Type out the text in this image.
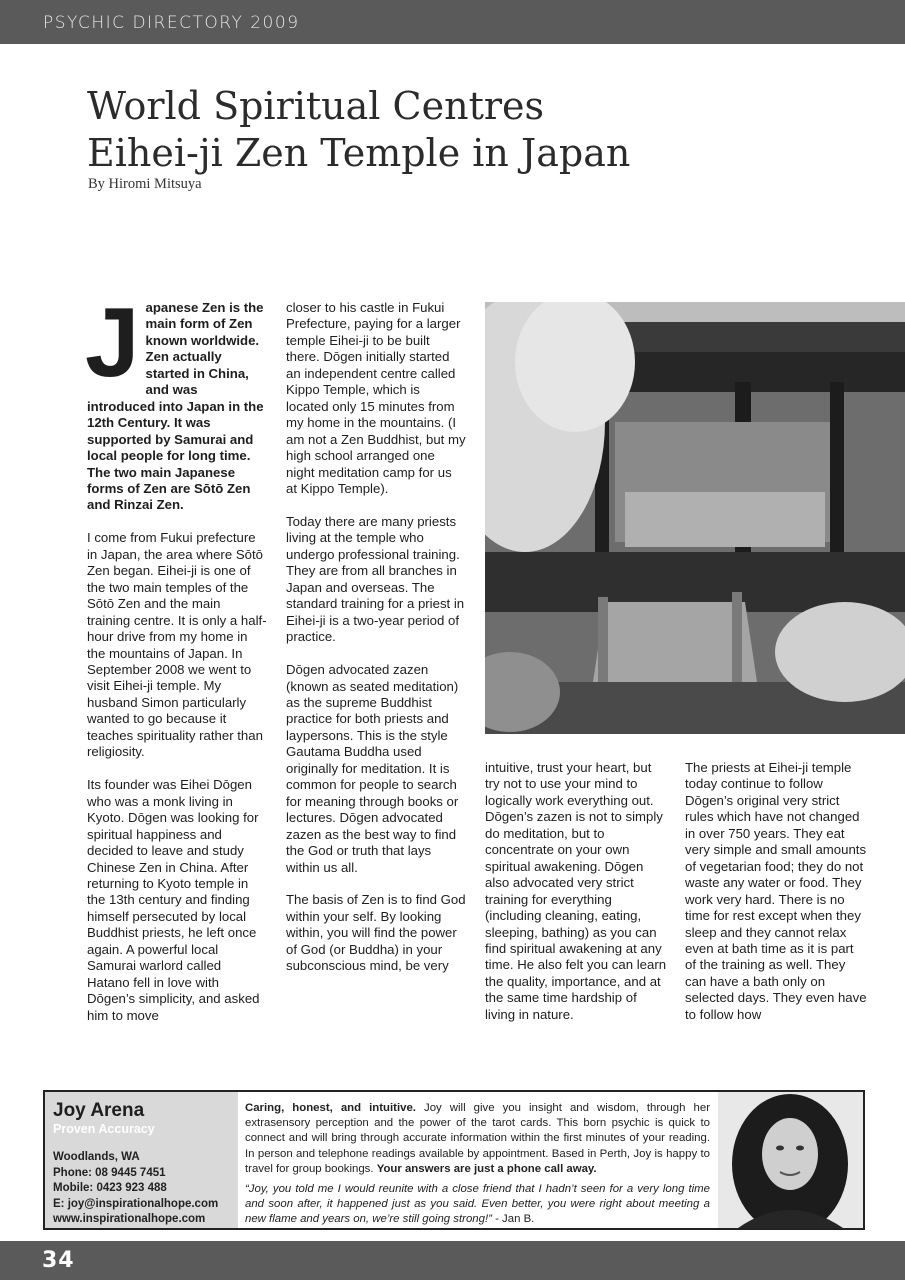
PSYCHIC DIRECTORY 2009
World Spiritual Centres
Eihei-ji Zen Temple in Japan
By Hiromi Mitsuya

Japanese Zen is the main form of Zen known worldwide. Zen actually started in China, and was introduced into Japan in the 12th Century. It was supported by Samurai and local people for long time. The two main Japanese forms of Zen are Sōtō Zen and Rinzai Zen.

I come from Fukui prefecture in Japan, the area where Sōtō Zen began. Eihei-ji is one of the two main temples of the Sōtō Zen and the main training centre. It is only a half-hour drive from my home in the mountains of Japan. In September 2008 we went to visit Eihei-ji temple. My husband Simon particularly wanted to go because it teaches spirituality rather than religiosity.

Its founder was Eihei Dōgen who was a monk living in Kyoto. Dōgen was looking for spiritual happiness and decided to leave and study Chinese Zen in China. After returning to Kyoto temple in the 13th century and finding himself persecuted by local Buddhist priests, he left once again. A powerful local Samurai warlord called Hatano fell in love with Dōgen’s simplicity, and asked him to move

closer to his castle in Fukui Prefecture, paying for a larger temple Eihei-ji to be built there. Dōgen initially started an independent centre called Kippo Temple, which is located only 15 minutes from my home in the mountains. (I am not a Zen Buddhist, but my high school arranged one night meditation camp for us at Kippo Temple).

Today there are many priests living at the temple who undergo professional training. They are from all branches in Japan and overseas. The standard training for a priest in Eihei-ji is a two-year period of practice.

Dōgen advocated zazen (known as seated meditation) as the supreme Buddhist practice for both priests and laypersons. This is the style Gautama Buddha used originally for meditation. It is common for people to search for meaning through books or lectures. Dōgen advocated zazen as the best way to find the God or truth that lays within us all.

The basis of Zen is to find God within your self. By looking within, you will find the power of God (or Buddha) in your subconscious mind, be very

intuitive, trust your heart, but try not to use your mind to logically work everything out. Dōgen’s zazen is not to simply do meditation, but to concentrate on your own spiritual awakening. Dōgen also advocated very strict training for everything (including cleaning, eating, sleeping, bathing) as you can find spiritual awakening at any time. He also felt you can learn the quality, importance, and at the same time hardship of living in nature.

The priests at Eihei-ji temple today continue to follow Dōgen’s original very strict rules which have not changed in over 750 years. They eat very simple and small amounts of vegetarian food; they do not waste any water or food. They work very hard. There is no time for rest except when they sleep and they cannot relax even at bath time as it is part of the training as well. They can have a bath only on selected days. They even have to follow how

Joy Arena
Proven Accuracy
Woodlands, WA
Phone: 08 9445 7451
Mobile: 0423 923 488
E: joy@inspirationalhope.com
www.inspirationalhope.com

Caring, honest, and intuitive. Joy will give you insight and wisdom, through her extrasensory perception and the power of the tarot cards. This born psychic is quick to connect and will bring through accurate information within the first minutes of your reading. In person and telephone readings available by appointment. Based in Perth, Joy is happy to travel for group bookings. Your answers are just a phone call away.

“Joy, you told me I would reunite with a close friend that I hadn’t seen for a very long time and soon after, it happened just as you said. Even better, you were right about meeting a new flame and years on, we’re still going strong!” - Jan B.

34
